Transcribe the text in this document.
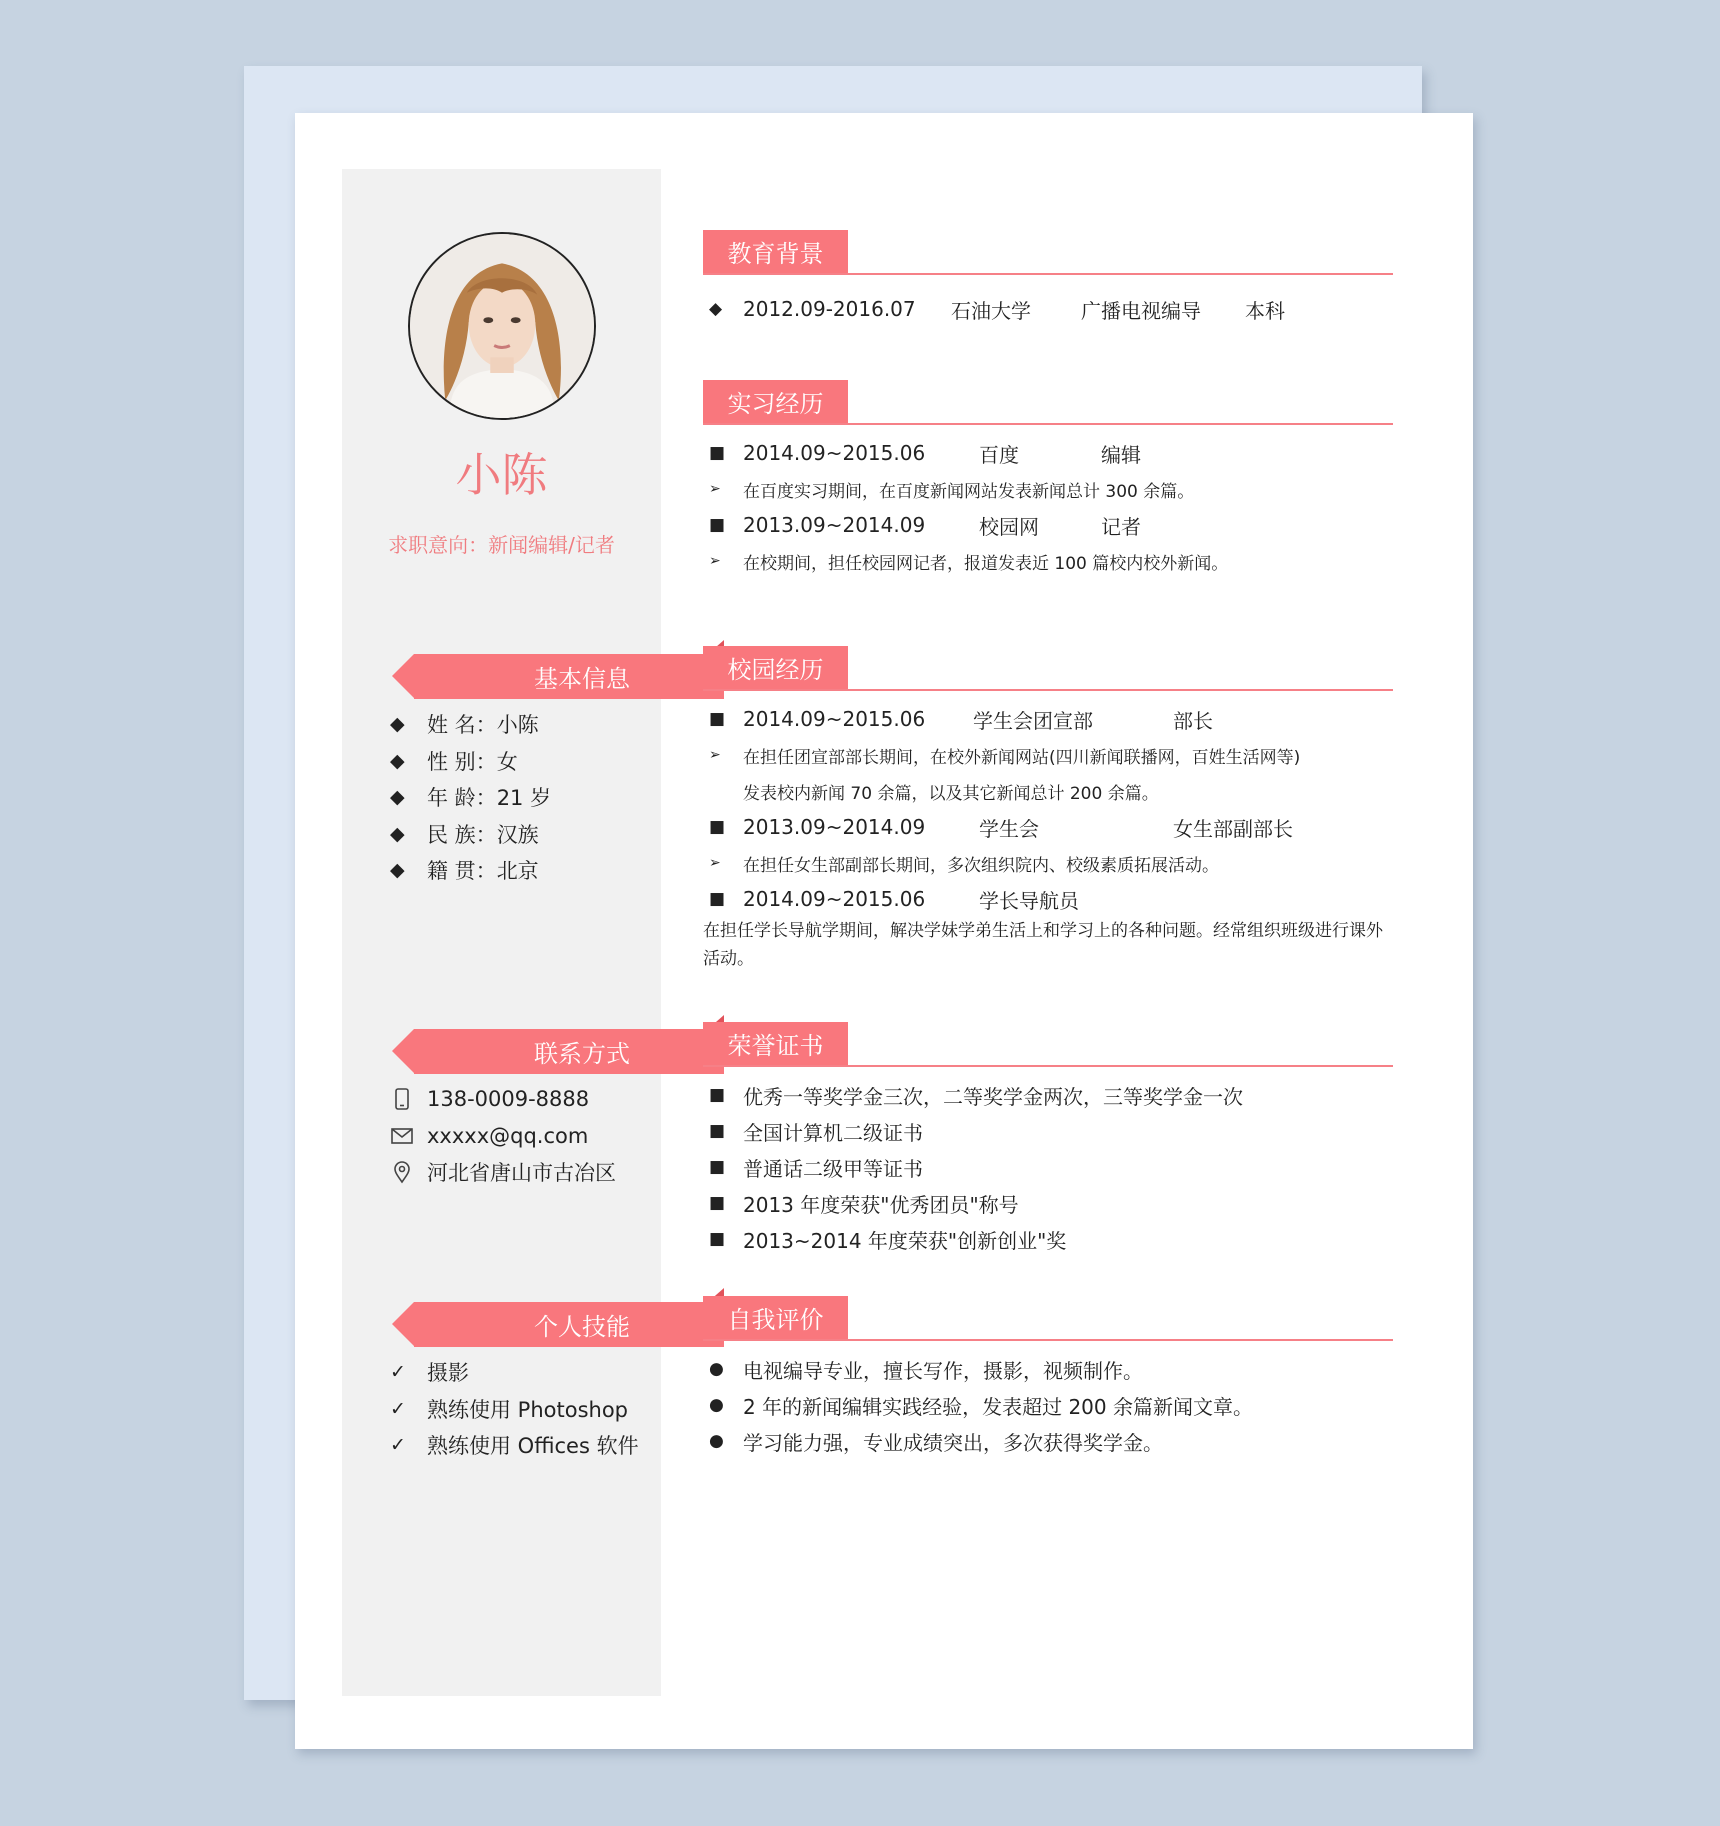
小陈
求职意向：新闻编辑/记者
基本信息
◆	姓 名： 小陈
◆	性 别： 女
◆	年 龄： 21 岁
◆	民 族： 汉族
◆	籍 贯： 北京
联系方式
138-0009-8888
xxxxx@qq.com
河北省唐山市古冶区
个人技能
✓	摄影
✓	熟练使用 Photoshop
✓	熟练使用 Offices 软件
教育背景
◆	2012.09-2016.07	石油大学	广播电视编导	本科
实习经历
■ 2014.09~2015.06	百度	编辑
➢	在百度实习期间，在百度新闻网站发表新闻总计 300 余篇。
■ 2013.09~2014.09	校园网	记者
➢	在校期间，担任校园网记者，报道发表近 100 篇校内校外新闻。
校园经历
■ 2014.09~2015.06	学生会团宣部	部长
➢	在担任团宣部部长期间，在校外新闻网站(四川新闻联播网，百姓生活网等)
发表校内新闻 70 余篇，以及其它新闻总计 200 余篇。
■ 2013.09~2014.09	学生会	女生部副部长
➢	在担任女生部副部长期间，多次组织院内、校级素质拓展活动。
■ 2014.09~2015.06	学长导航员
在担任学长导航学期间，解决学妹学弟生活上和学习上的各种问题。经常组织班级进行课外活动。
荣誉证书
■ 优秀一等奖学金三次，二等奖学金两次，三等奖学金一次
■ 全国计算机二级证书
■ 普通话二级甲等证书
■ 2013 年度荣获"优秀团员"称号
■ 2013~2014 年度荣获"创新创业"奖
自我评价
● 电视编导专业，擅长写作，摄影，视频制作。
● 2 年的新闻编辑实践经验，发表超过 200 余篇新闻文章。
● 学习能力强，专业成绩突出，多次获得奖学金。
